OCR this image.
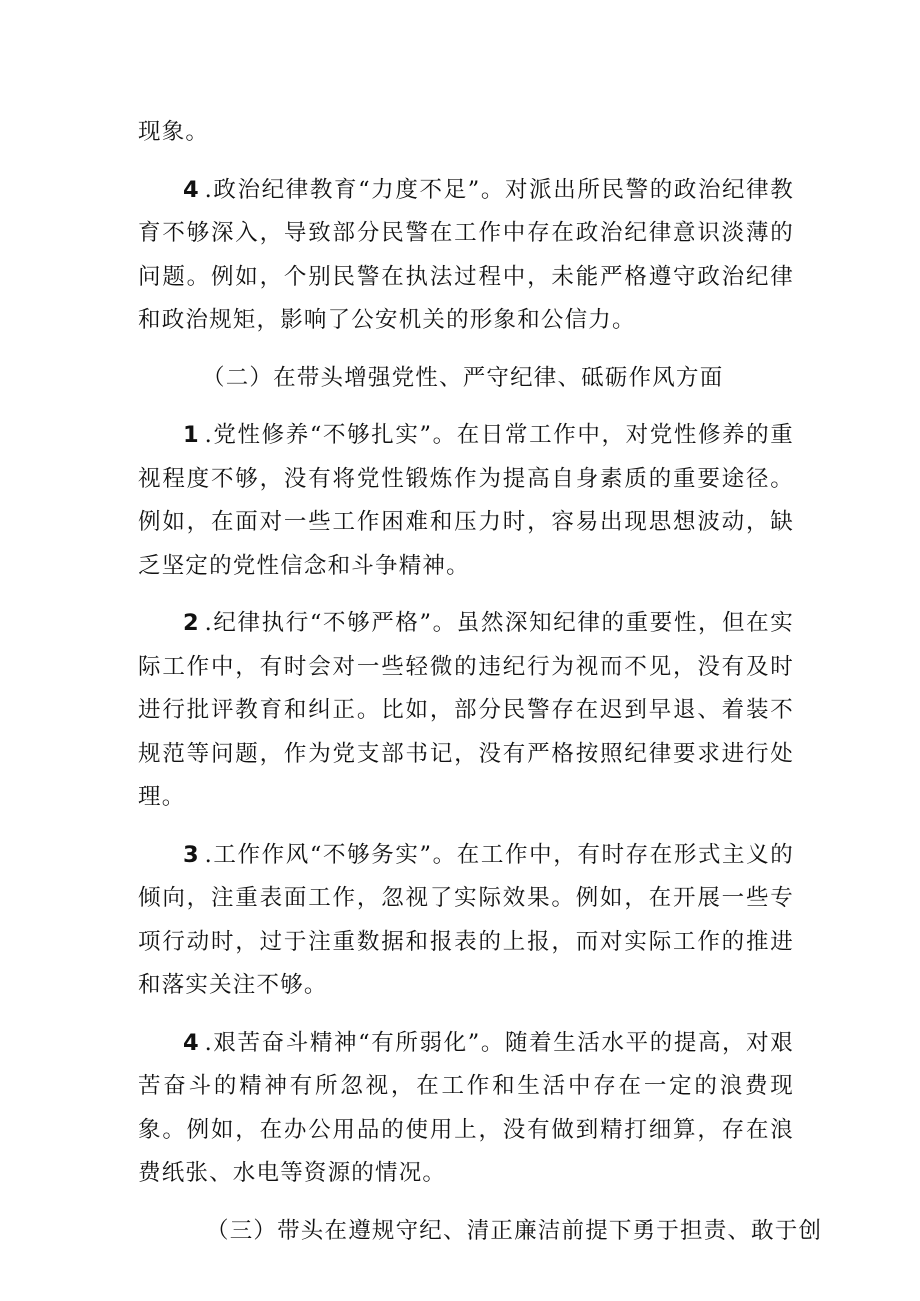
现象。

4 .政治纪律教育“力度不足”。对派出所民警的政治纪律教育不够深入，导致部分民警在工作中存在政治纪律意识淡薄的问题。例如，个别民警在执法过程中，未能严格遵守政治纪律和政治规矩，影响了公安机关的形象和公信力。

（二）在带头增强党性、严守纪律、砥砺作风方面

1 .党性修养“不够扎实”。在日常工作中，对党性修养的重视程度不够，没有将党性锻炼作为提高自身素质的重要途径。例如，在面对一些工作困难和压力时，容易出现思想波动，缺乏坚定的党性信念和斗争精神。

2 .纪律执行“不够严格”。虽然深知纪律的重要性，但在实际工作中，有时会对一些轻微的违纪行为视而不见，没有及时进行批评教育和纠正。比如，部分民警存在迟到早退、着装不规范等问题，作为党支部书记，没有严格按照纪律要求进行处理。

3 .工作作风“不够务实”。在工作中，有时存在形式主义的倾向，注重表面工作，忽视了实际效果。例如，在开展一些专项行动时，过于注重数据和报表的上报，而对实际工作的推进和落实关注不够。

4 .艰苦奋斗精神“有所弱化”。随着生活水平的提高，对艰苦奋斗的精神有所忽视，在工作和生活中存在一定的浪费现象。例如，在办公用品的使用上，没有做到精打细算，存在浪费纸张、水电等资源的情况。

（三）带头在遵规守纪、清正廉洁前提下勇于担责、敢于创
